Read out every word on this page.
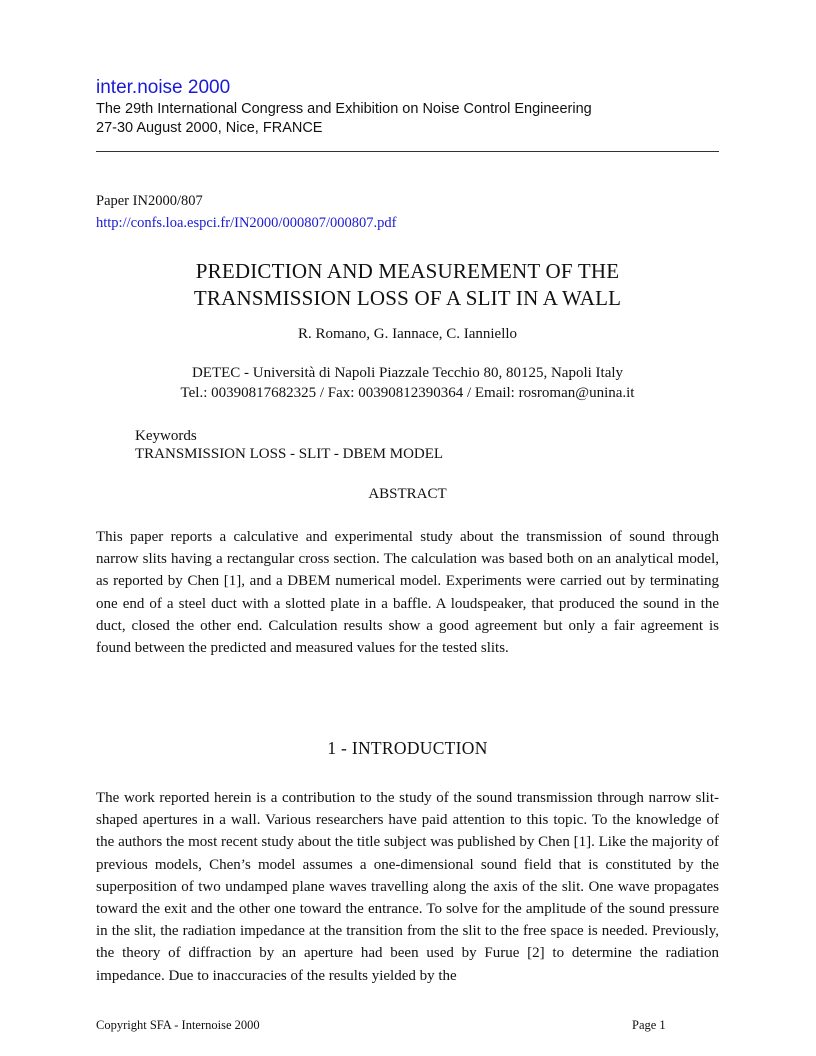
inter.noise 2000
The 29th International Congress and Exhibition on Noise Control Engineering
27-30 August 2000, Nice, FRANCE
Paper IN2000/807
http://confs.loa.espci.fr/IN2000/000807/000807.pdf
PREDICTION AND MEASUREMENT OF THE
TRANSMISSION LOSS OF A SLIT IN A WALL
R. Romano, G. Iannace, C. Ianniello
DETEC - Università di Napoli Piazzale Tecchio 80, 80125, Napoli Italy
Tel.: 00390817682325 / Fax: 00390812390364 / Email: rosroman@unina.it
Keywords
TRANSMISSION LOSS - SLIT - DBEM MODEL
ABSTRACT

This paper reports a calculative and experimental study about the transmission of sound through narrow slits having a rectangular cross section. The calculation was based both on an analytical model, as reported by Chen [1], and a DBEM numerical model. Experiments were carried out by terminating one end of a steel duct with a slotted plate in a baffle. A loudspeaker, that produced the sound in the duct, closed the other end. Calculation results show a good agreement but only a fair agreement is found between the predicted and measured values for the tested slits.

1 - INTRODUCTION

The work reported herein is a contribution to the study of the sound transmission through narrow slit-shaped apertures in a wall. Various researchers have paid attention to this topic. To the knowledge of the authors the most recent study about the title subject was published by Chen [1]. Like the majority of previous models, Chen’s model assumes a one-dimensional sound field that is constituted by the superposition of two undamped plane waves travelling along the axis of the slit. One wave propagates toward the exit and the other one toward the entrance. To solve for the amplitude of the sound pressure in the slit, the radiation impedance at the transition from the slit to the free space is needed. Previously, the theory of diffraction by an aperture had been used by Furue [2] to determine the radiation impedance. Due to inaccuracies of the results yielded by the

Copyright SFA - Internoise 2000	Page 1
